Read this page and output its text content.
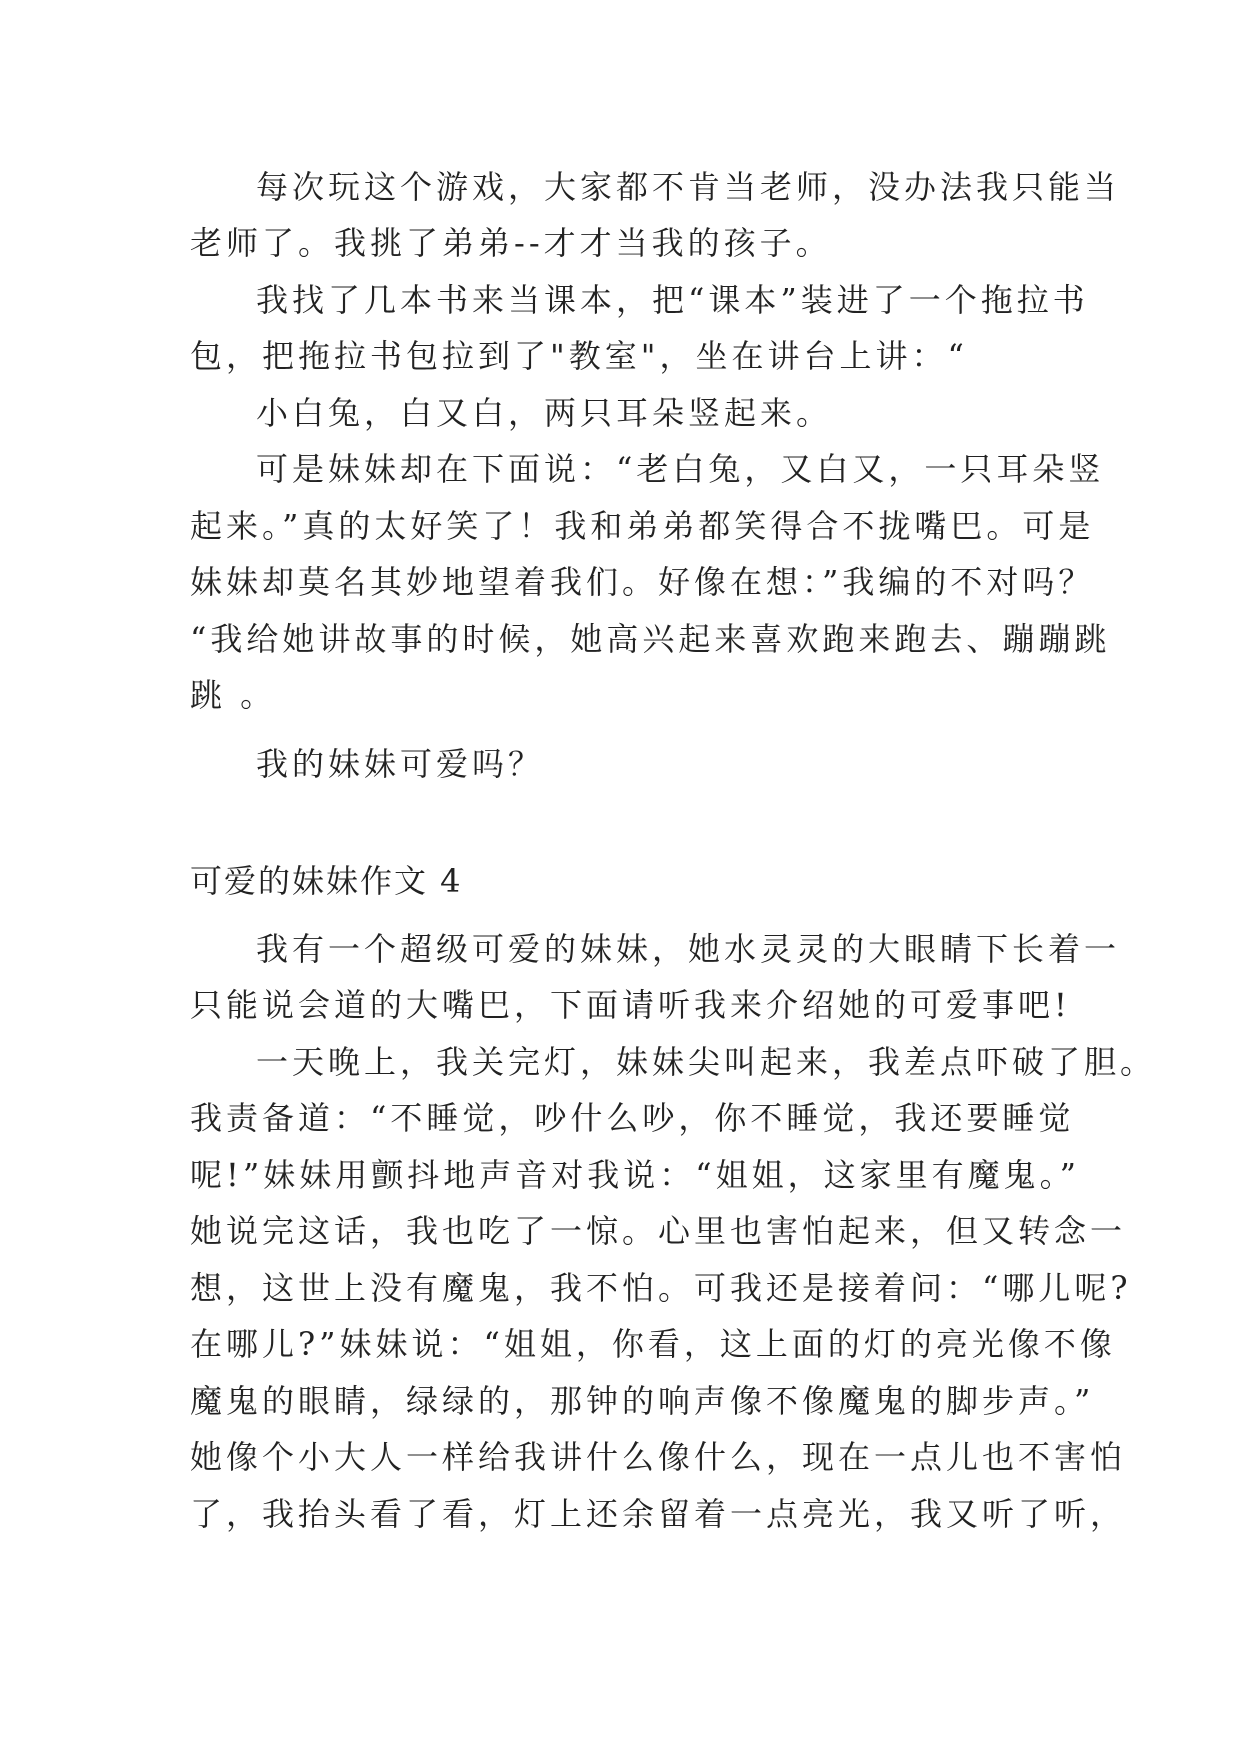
每次玩这个游戏，大家都不肯当老师，没办法我只能当
老师了。我挑了弟弟--才才当我的孩子。
我找了几本书来当课本，把“课本”装进了一个拖拉书
包，把拖拉书包拉到了"教室"，坐在讲台上讲：“
小白兔，白又白，两只耳朵竖起来。
可是妹妹却在下面说：“老白兔，又白又，一只耳朵竖
起来。”真的太好笑了！我和弟弟都笑得合不拢嘴巴。可是
妹妹却莫名其妙地望着我们。好像在想：”我编的不对吗？
“我给她讲故事的时候，她高兴起来喜欢跑来跑去、蹦蹦跳
跳 。
我的妹妹可爱吗？
可爱的妹妹作文 4
我有一个超级可爱的妹妹，她水灵灵的大眼睛下长着一
只能说会道的大嘴巴，下面请听我来介绍她的可爱事吧!
一天晚上，我关完灯，妹妹尖叫起来，我差点吓破了胆。
我责备道：“不睡觉，吵什么吵，你不睡觉，我还要睡觉
呢!”妹妹用颤抖地声音对我说：“姐姐，这家里有魔鬼。”
她说完这话，我也吃了一惊。心里也害怕起来，但又转念一
想，这世上没有魔鬼，我不怕。可我还是接着问：“哪儿呢?
在哪儿?”妹妹说：“姐姐，你看，这上面的灯的亮光像不像
魔鬼的眼睛，绿绿的，那钟的响声像不像魔鬼的脚步声。”
她像个小大人一样给我讲什么像什么，现在一点儿也不害怕
了，我抬头看了看，灯上还余留着一点亮光，我又听了听，
